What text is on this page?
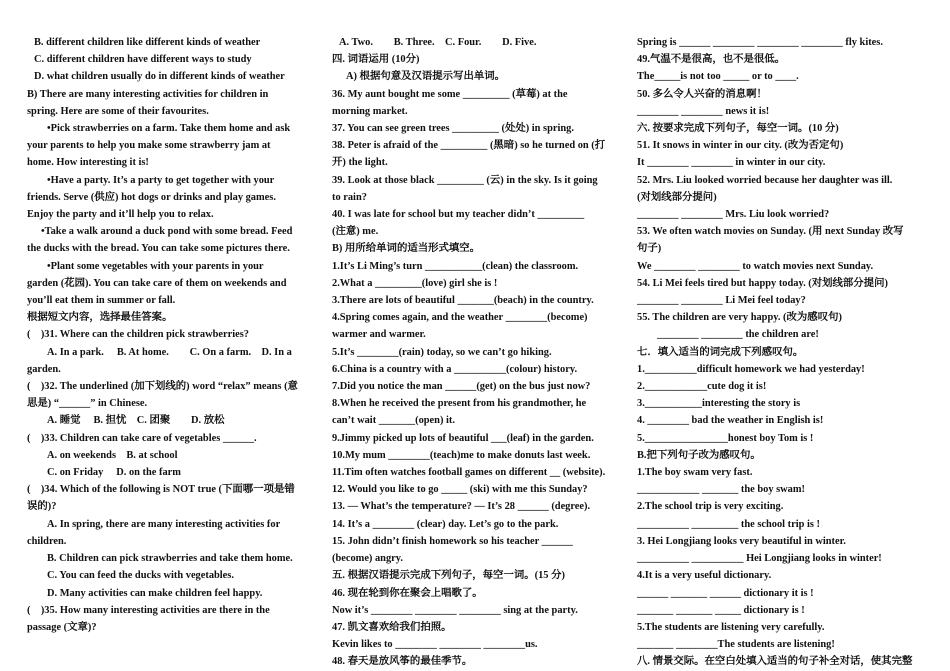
B. different children like different kinds of weather
C. different children have different ways to study
D. what children usually do in different kinds of weather
B) There are many interesting activities for children in
spring. Here are some of their favourites.
•Pick strawberries on a farm. Take them home and ask
your parents to help you make some strawberry jam at
home. How interesting it is!
•Have a party. It’s a party to get together with your
friends. Serve (供应) hot dogs or drinks and play games.
Enjoy the party and it’ll help you to relax.
•Take a walk around a duck pond with some bread. Feed
the ducks with the bread. You can take some pictures there.
•Plant some vegetables with your parents in your
garden (花园). You can take care of them on weekends and
you’ll eat them in summer or fall.
根据短文内容，选择最佳答案。
(　)31. Where can the children pick strawberries?
A. In a park.　 B. At home.　　C. On a farm.　D. In a
garden.
(　)32. The underlined (加下划线的) word “relax” means (意
思是) “______” in Chinese.
A. 睡觉　 B. 担忧　C. 团聚　　D. 放松
(　)33. Children can take care of vegetables ______.
A. on weekends　B. at school
C. on Friday　 D. on the farm
(　)34. Which of the following is NOT true (下面哪一项是错
误的)?
A. In spring, there are many interesting activities for
children.
B. Children can pick strawberries and take them home.
C. You can feed the ducks with vegetables.
D. Many activities can make children feel happy.
(　)35. How many interesting activities are there in the
passage (文章)?
A. Two.　　B. Three.　C. Four.　　D. Five.
四. 词语运用 (10分)
A) 根据句意及汉语提示写出单词。
36. My aunt bought me some _________ (草莓) at the
morning market.
37. You can see green trees _________ (处处) in spring.
38. Peter is afraid of the _________ (黑暗) so he turned on (打
开) the light.
39. Look at those black _________ (云) in the sky. Is it going
to rain?
40. I was late for school but my teacher didn’t _________
(注意) me.
B) 用所给单词的适当形式填空。
1.It’s Li Ming’s turn ___________(clean) the classroom.
2.What a _________(love) girl she is !
3.There are lots of beautiful _______(beach) in the country.
4.Spring comes again, and the weather ________(become)
warmer and warmer.
5.It’s ________(rain) today, so we can’t go hiking.
6.China is a country with a __________(colour) history.
7.Did you notice the man ______(get) on the bus just now?
8.When he received the present from his grandmother, he
can’t wait _______(open) it.
9.Jimmy picked up lots of beautiful ___(leaf) in the garden.
10.My mum ________(teach)me to make donuts last week.
11.Tim often watches football games on different __ (website).
12. Would you like to go _____ (ski) with me this Sunday?
13. — What’s the temperature? — It’s 28 ______ (degree).
14. It’s a ________ (clear) day. Let’s go to the park.
15. John didn’t finish homework so his teacher ______
(become) angry.
五. 根据汉语提示完成下列句子，每空一词。(15 分)
46. 现在轮到你在聚会上唱歌了。
Now it’s ________ ________ ________ sing at the party.
47. 凯文喜欢给我们拍照。
Kevin likes to ________ ________ ________us.
48. 春天是放风筝的最佳季节。
Spring is ______ ________ ________ ________ fly kites.
49.气温不是很高，也不是很低。
The_____is not too _____ or to ____.
50. 多么令人兴奋的消息啊！
________ ________ news it is!
六. 按要求完成下列句子，每空一词。(10 分)
51. It snows in winter in our city. (改为否定句)
It ________ ________ in winter in our city.
52. Mrs. Liu looked worried because her daughter was ill.
(对划线部分提问)
________ ________ Mrs. Liu look worried?
53. We often watch movies on Sunday. (用 next Sunday 改写
句子)
We ________ ________ to watch movies next Sunday.
54. Li Mei feels tired but happy today. (对划线部分提问)
________ ________ Li Mei feel today?
55. The children are very happy. (改为感叹句)
________ ________ the children are!
七．填入适当的词完成下列感叹句。
1.__________difficult homework we had yesterday!
2.____________cute dog it is!
3.___________interesting the story is
4. ________ bad the weather in English is!
5.________________honest boy Tom is !
B.把下列句子改为感叹句。
1.The boy swam very fast.
____________ _______ the boy swam!
2.The school trip is very exciting.
__________ _________ the school trip is !
3. Hei Longjiang looks very beautiful in winter.
__________ __________ Hei Longjiang looks in winter!
4.It is a very useful dictionary.
______ _______ ______ dictionary it is !
_______ _______ _____ dictionary is !
5.The students are listening very carefully.
_______ ________The students are listening!
八. 情景交际。在空白处填入适当的句子补全对话，使其完整
